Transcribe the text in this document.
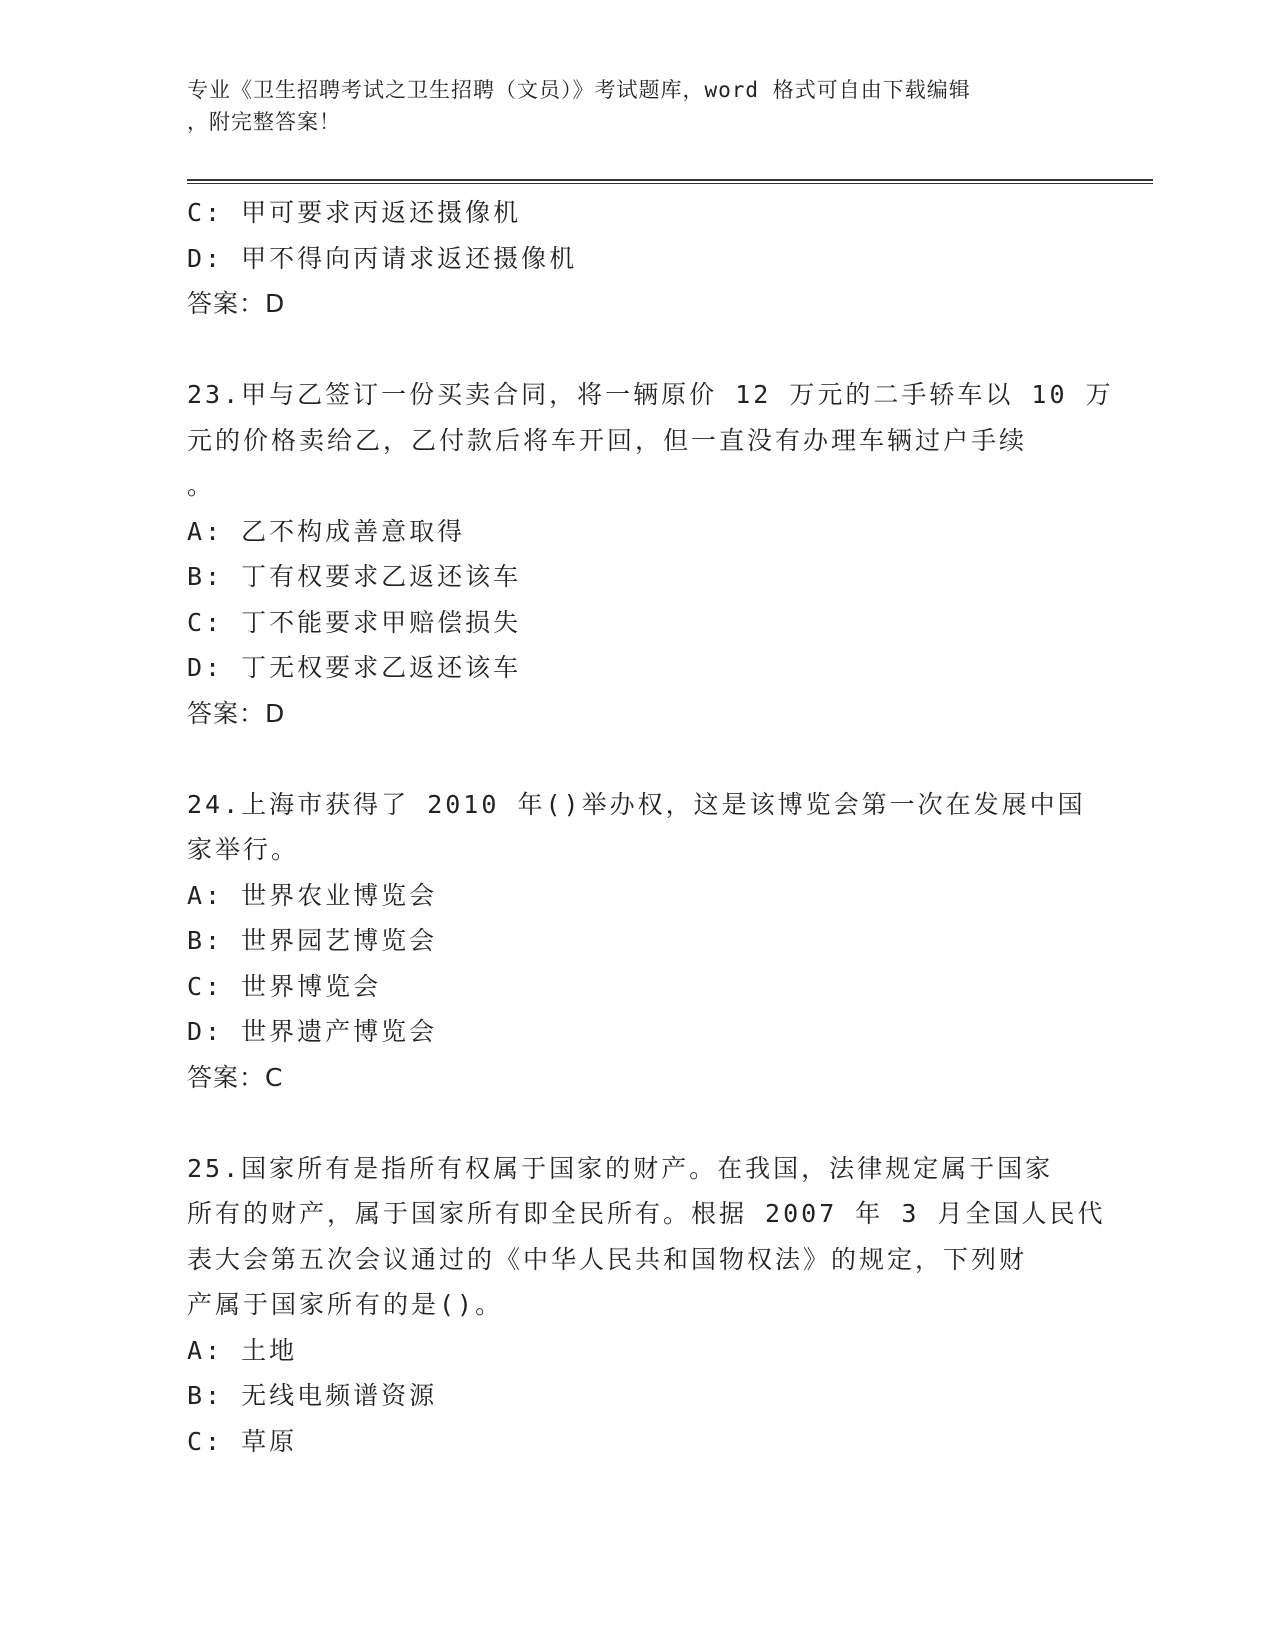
专业《卫生招聘考试之卫生招聘（文员）》考试题库，word 格式可自由下载编辑
，附完整答案！
C: 甲可要求丙返还摄像机
D: 甲不得向丙请求返还摄像机
答案：D
23.甲与乙签订一份买卖合同，将一辆原价 12 万元的二手轿车以 10 万
元的价格卖给乙，乙付款后将车开回，但一直没有办理车辆过户手续
。
A: 乙不构成善意取得
B: 丁有权要求乙返还该车
C: 丁不能要求甲赔偿损失
D: 丁无权要求乙返还该车
答案：D
24.上海市获得了 2010 年()举办权，这是该博览会第一次在发展中国
家举行。
A: 世界农业博览会
B: 世界园艺博览会
C: 世界博览会
D: 世界遗产博览会
答案：C
25.国家所有是指所有权属于国家的财产。在我国，法律规定属于国家
所有的财产，属于国家所有即全民所有。根据 2007 年 3 月全国人民代
表大会第五次会议通过的《中华人民共和国物权法》的规定，下列财
产属于国家所有的是()。
A: 土地
B: 无线电频谱资源
C: 草原
